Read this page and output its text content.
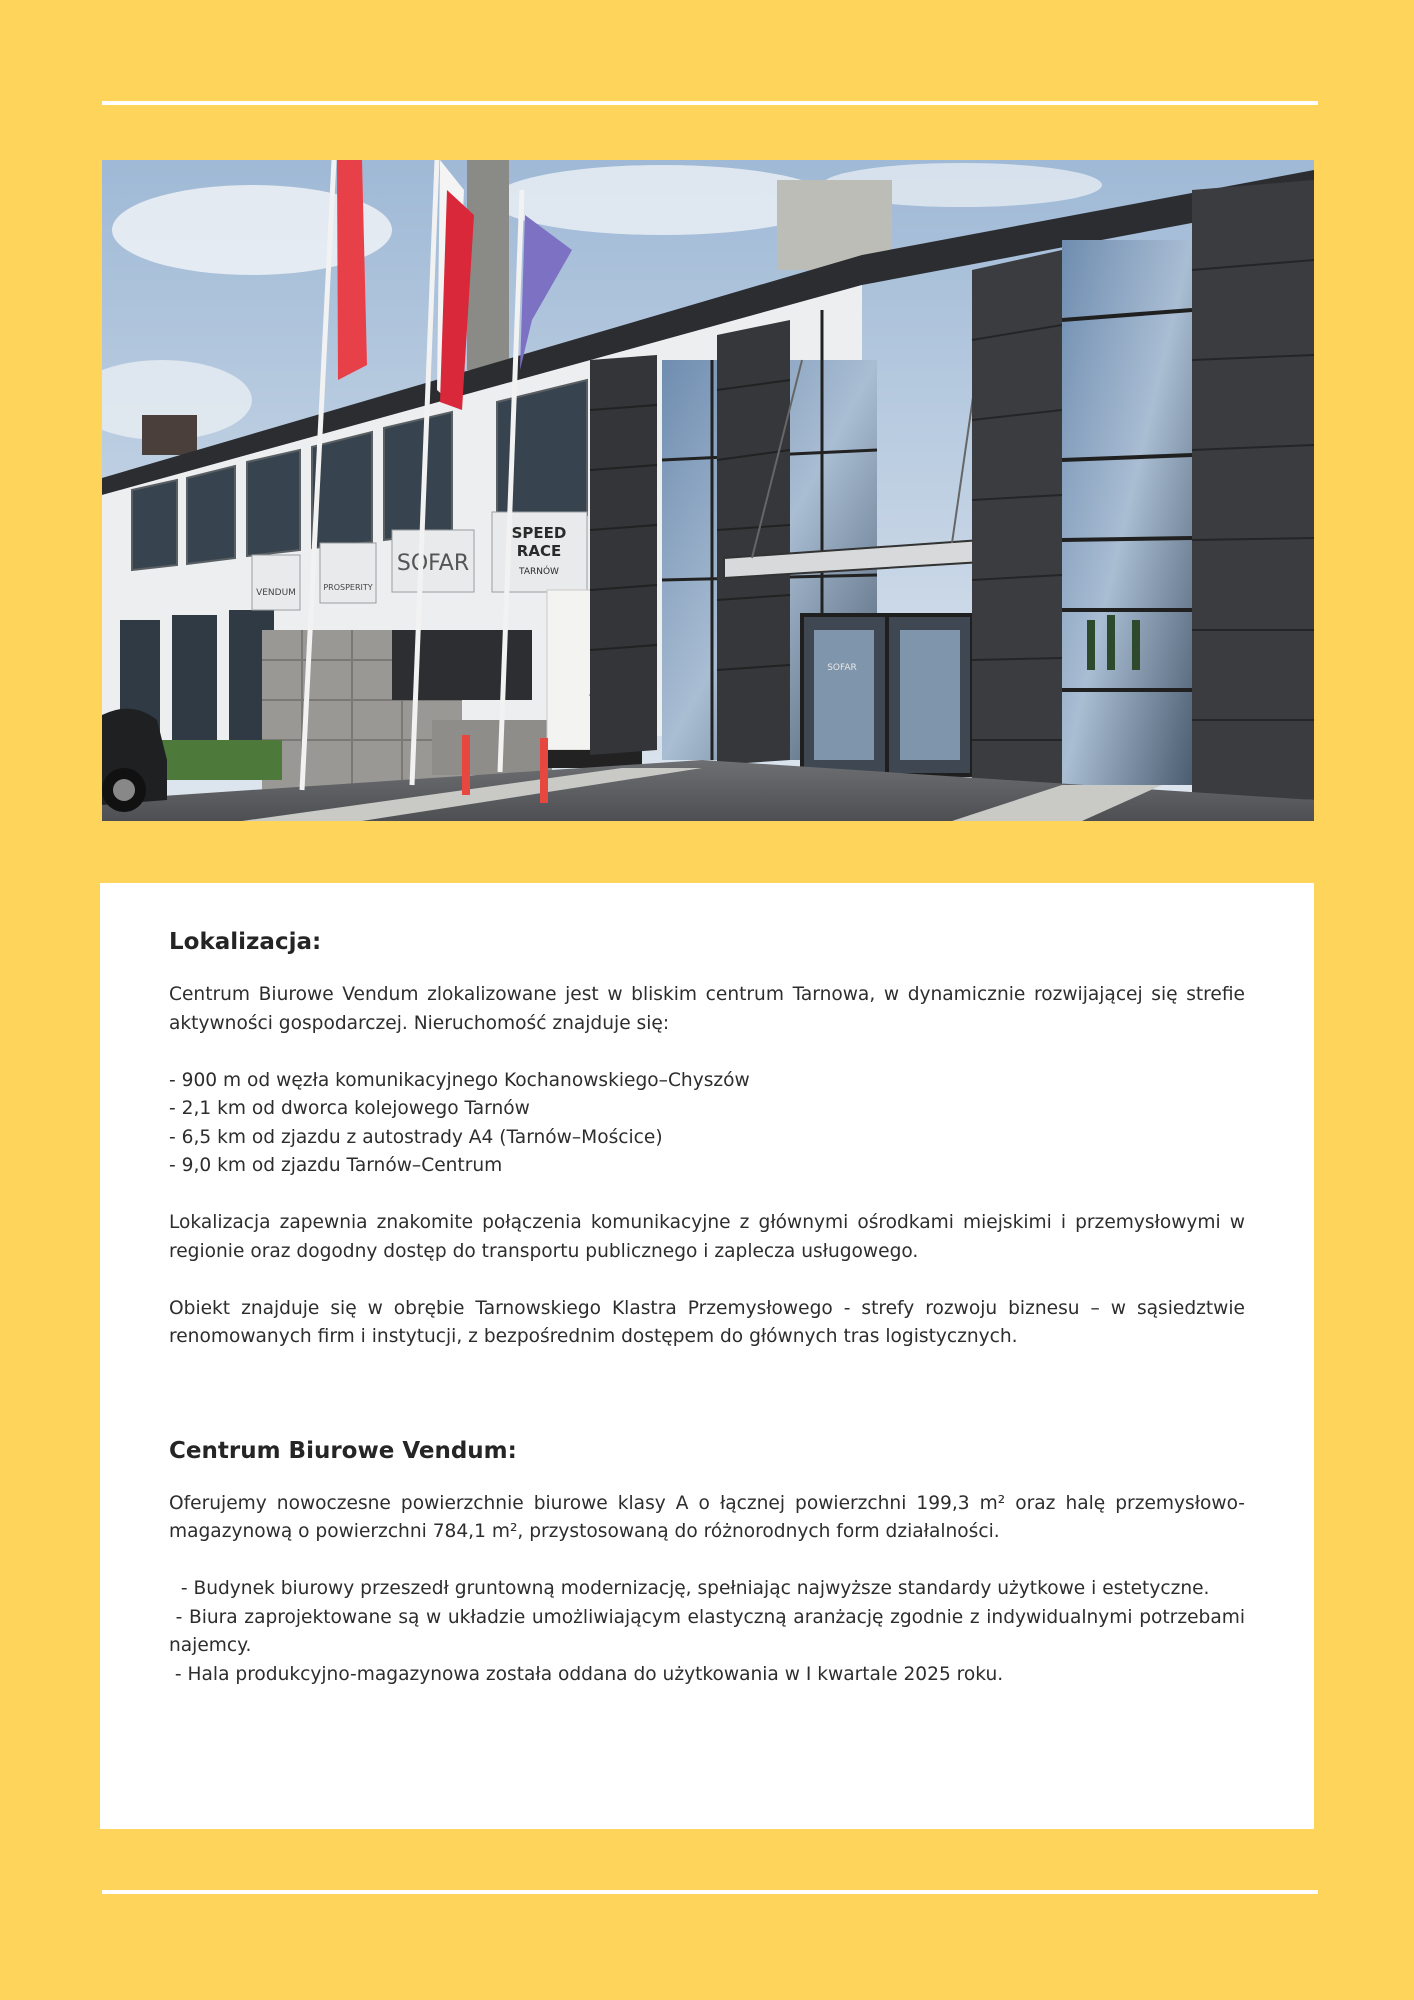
VENDUM
PROSPERITY
SOFAR
SPEED
RACE
TARNÓW
SOFAR
Lokalizacja:

Centrum Biurowe Vendum zlokalizowane jest w bliskim centrum Tarnowa, w dynamicznie rozwijającej się strefie aktywności gospodarczej. Nieruchomość znajduje się:

- 900 m od węzła komunikacyjnego Kochanowskiego–Chyszów
- 2,1 km od dworca kolejowego Tarnów
- 6,5 km od zjazdu z autostrady A4 (Tarnów–Mościce)
- 9,0 km od zjazdu Tarnów–Centrum

Lokalizacja zapewnia znakomite połączenia komunikacyjne z głównymi ośrodkami miejskimi i przemysłowymi w regionie oraz dogodny dostęp do transportu publicznego i zaplecza usługowego.

Obiekt znajduje się w obrębie Tarnowskiego Klastra Przemysłowego - strefy rozwoju biznesu – w sąsiedztwie renomowanych firm i instytucji, z bezpośrednim dostępem do głównych tras logistycznych.

Centrum Biurowe Vendum:

Oferujemy nowoczesne powierzchnie biurowe klasy A o łącznej powierzchni 199,3 m² oraz halę przemysłowo-magazynową o powierzchni 784,1 m², przystosowaną do różnorodnych form działalności.

- Budynek biurowy przeszedł gruntowną modernizację, spełniając najwyższe standardy użytkowe i estetyczne.

- Biura zaprojektowane są w układzie umożliwiającym elastyczną aranżację zgodnie z indywidualnymi potrzebami najemcy.

- Hala produkcyjno-magazynowa została oddana do użytkowania w I kwartale 2025 roku.
